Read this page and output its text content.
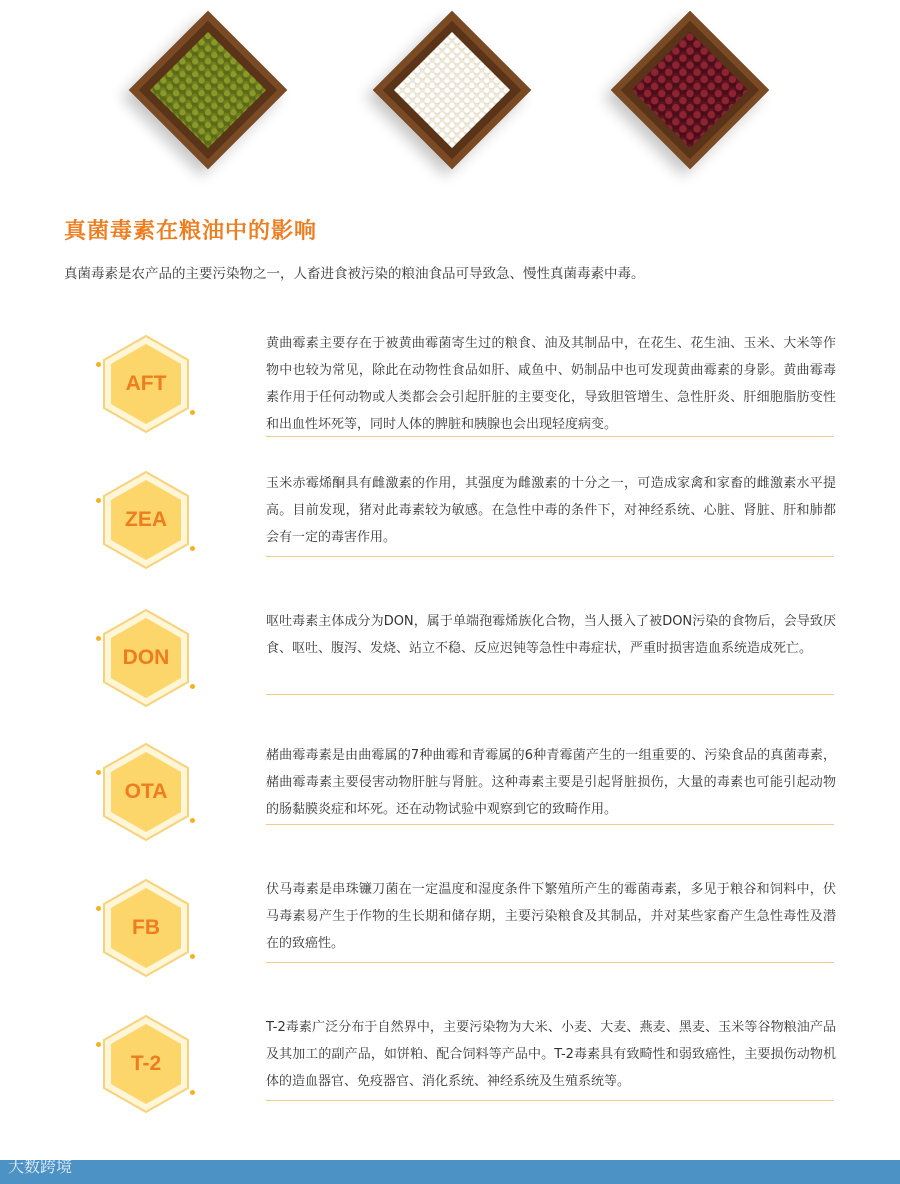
真菌毒素在粮油中的影响

真菌毒素是农产品的主要污染物之一，人畜进食被污染的粮油食品可导致急、慢性真菌毒素中毒。

AFT
黄曲霉素主要存在于被黄曲霉菌寄生过的粮食、油及其制品中，在花生、花生油、玉米、大米等作物中也较为常见，除此在动物性食品如肝、咸鱼中、奶制品中也可发现黄曲霉素的身影。黄曲霉毒素作用于任何动物或人类都会会引起肝脏的主要变化，导致胆管增生、急性肝炎、肝细胞脂肪变性和出血性坏死等，同时人体的脾脏和胰腺也会出现轻度病变。
ZEA
玉米赤霉烯酮具有雌激素的作用，其强度为雌激素的十分之一，可造成家禽和家畜的雌激素水平提高。目前发现，猪对此毒素较为敏感。在急性中毒的条件下，对神经系统、心脏、肾脏、肝和肺都会有一定的毒害作用。
DON
呕吐毒素主体成分为DON，属于单端孢霉烯族化合物，当人摄入了被DON污染的食物后，会导致厌食、呕吐、腹泻、发烧、站立不稳、反应迟钝等急性中毒症状，严重时损害造血系统造成死亡。
OTA
赭曲霉毒素是由曲霉属的7种曲霉和青霉属的6种青霉菌产生的一组重要的、污染食品的真菌毒素，赭曲霉毒素主要侵害动物肝脏与肾脏。这种毒素主要是引起肾脏损伤，大量的毒素也可能引起动物的肠黏膜炎症和坏死。还在动物试验中观察到它的致畸作用。
FB
伏马毒素是串珠镰刀菌在一定温度和湿度条件下繁殖所产生的霉菌毒素，多见于粮谷和饲料中，伏马毒素易产生于作物的生长期和储存期，主要污染粮食及其制品，并对某些家畜产生急性毒性及潜在的致癌性。
T-2
T-2毒素广泛分布于自然界中，主要污染物为大米、小麦、大麦、燕麦、黑麦、玉米等谷物粮油产品及其加工的副产品，如饼粕、配合饲料等产品中。T-2毒素具有致畸性和弱致癌性，主要损伤动物机体的造血器官、免疫器官、消化系统、神经系统及生殖系统等。
大数跨境
